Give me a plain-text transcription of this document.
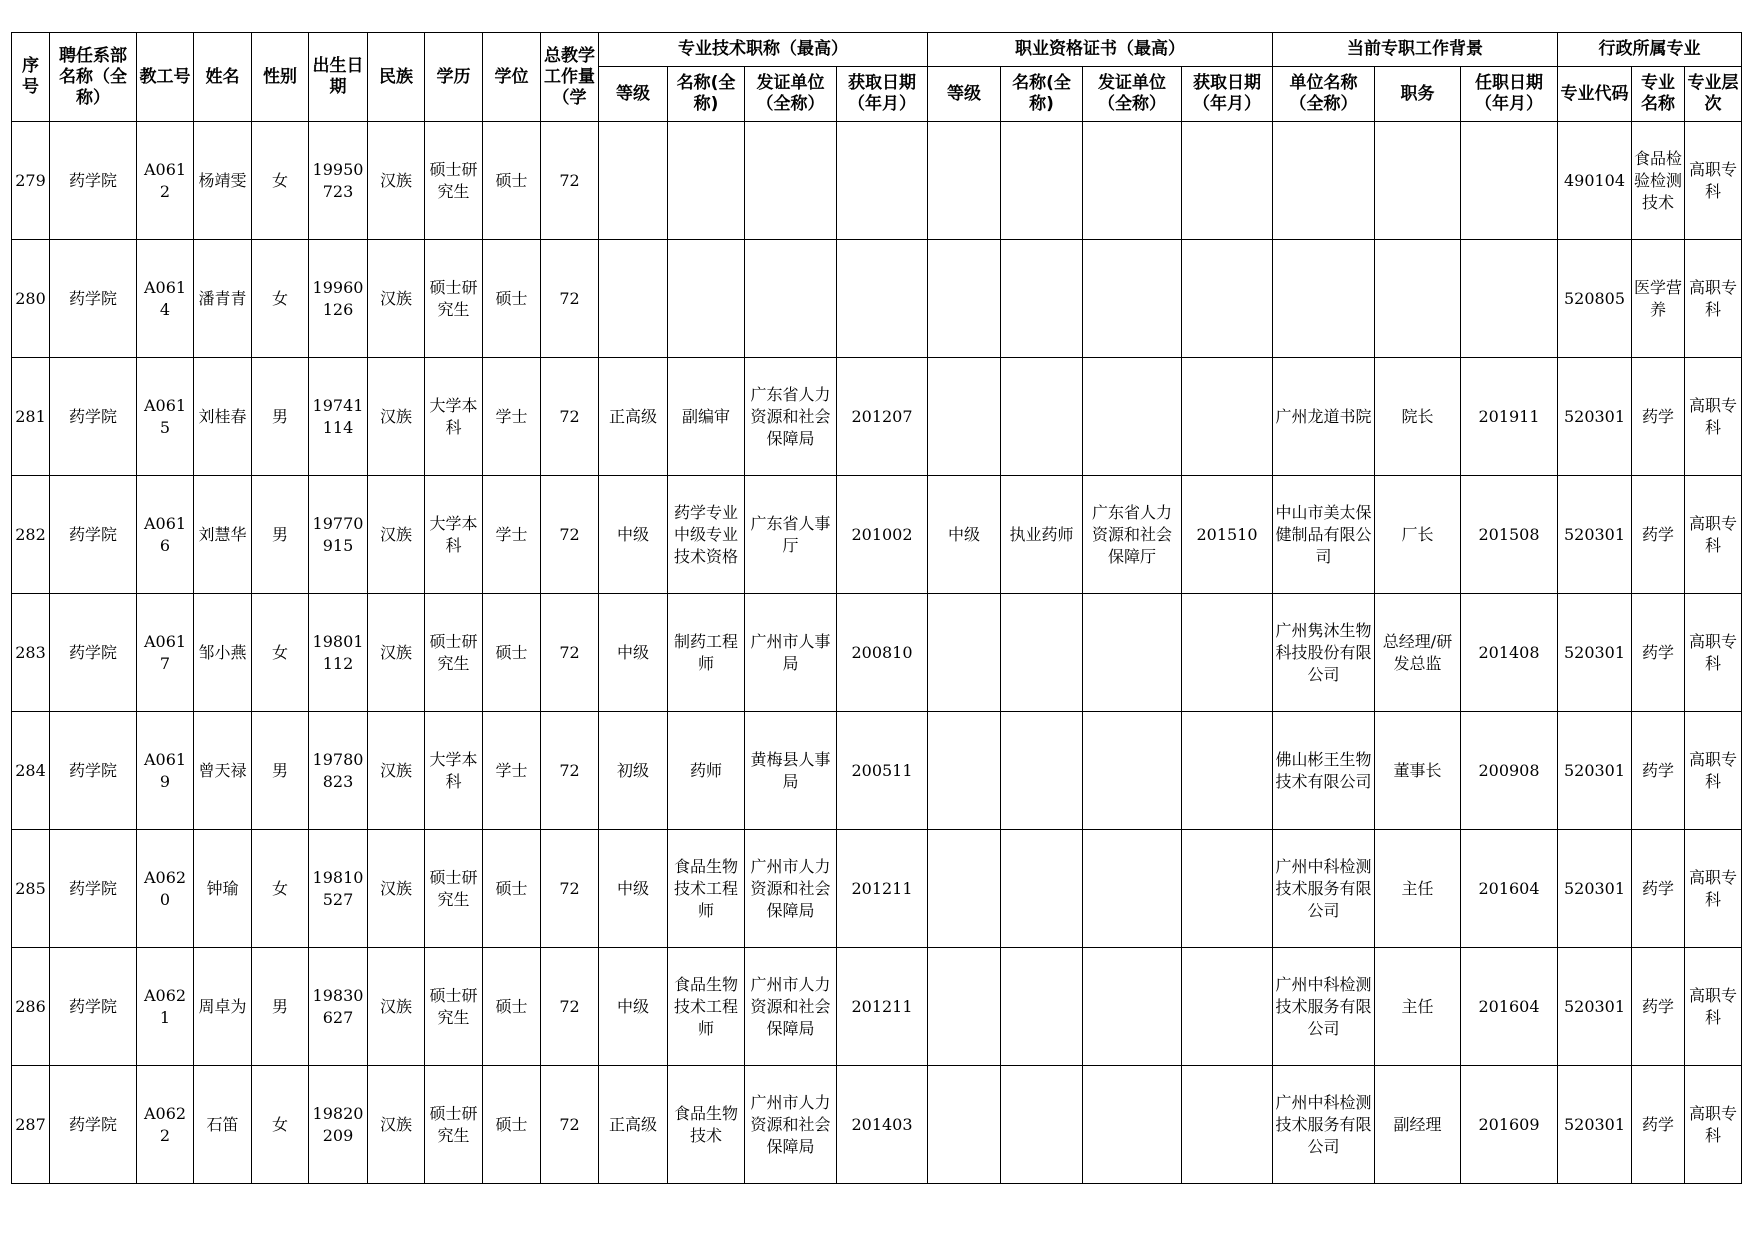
序号	聘任系部名称（全称）	教工号	姓名	性别	出生日期	民族	学历	学位	总教学工作量（学	专业技术职称（最高）				职业资格证书（最高）				当前专职工作背景			行政所属专业		
										等级	名称(全称)	发证单位（全称）	获取日期（年月）	等级	名称(全称)	发证单位（全称）	获取日期（年月）	单位名称（全称）	职务	任职日期（年月）	专业代码	专业名称	专业层次
279	药学院	A0612	杨靖雯	女	19950723	汉族	硕士研究生	硕士	72												490104	食品检验检测技术	高职专科
280	药学院	A0614	潘青青	女	19960126	汉族	硕士研究生	硕士	72												520805	医学营养	高职专科
281	药学院	A0615	刘桂春	男	19741114	汉族	大学本科	学士	72	正高级	副编审	广东省人力资源和社会保障局	201207					广州龙道书院	院长	201911	520301	药学	高职专科
282	药学院	A0616	刘慧华	男	19770915	汉族	大学本科	学士	72	中级	药学专业中级专业技术资格	广东省人事厅	201002	中级	执业药师	广东省人力资源和社会保障厅	201510	中山市美太保健制品有限公司	厂长	201508	520301	药学	高职专科
283	药学院	A0617	邹小燕	女	19801112	汉族	硕士研究生	硕士	72	中级	制药工程师	广州市人事局	200810					广州隽沐生物科技股份有限公司	总经理/研发总监	201408	520301	药学	高职专科
284	药学院	A0619	曾天禄	男	19780823	汉族	大学本科	学士	72	初级	药师	黄梅县人事局	200511					佛山彬王生物技术有限公司	董事长	200908	520301	药学	高职专科
285	药学院	A0620	钟瑜	女	19810527	汉族	硕士研究生	硕士	72	中级	食品生物技术工程师	广州市人力资源和社会保障局	201211					广州中科检测技术服务有限公司	主任	201604	520301	药学	高职专科
286	药学院	A0621	周卓为	男	19830627	汉族	硕士研究生	硕士	72	中级	食品生物技术工程师	广州市人力资源和社会保障局	201211					广州中科检测技术服务有限公司	主任	201604	520301	药学	高职专科
287	药学院	A0622	石笛	女	19820209	汉族	硕士研究生	硕士	72	正高级	食品生物技术	广州市人力资源和社会保障局	201403					广州中科检测技术服务有限公司	副经理	201609	520301	药学	高职专科
